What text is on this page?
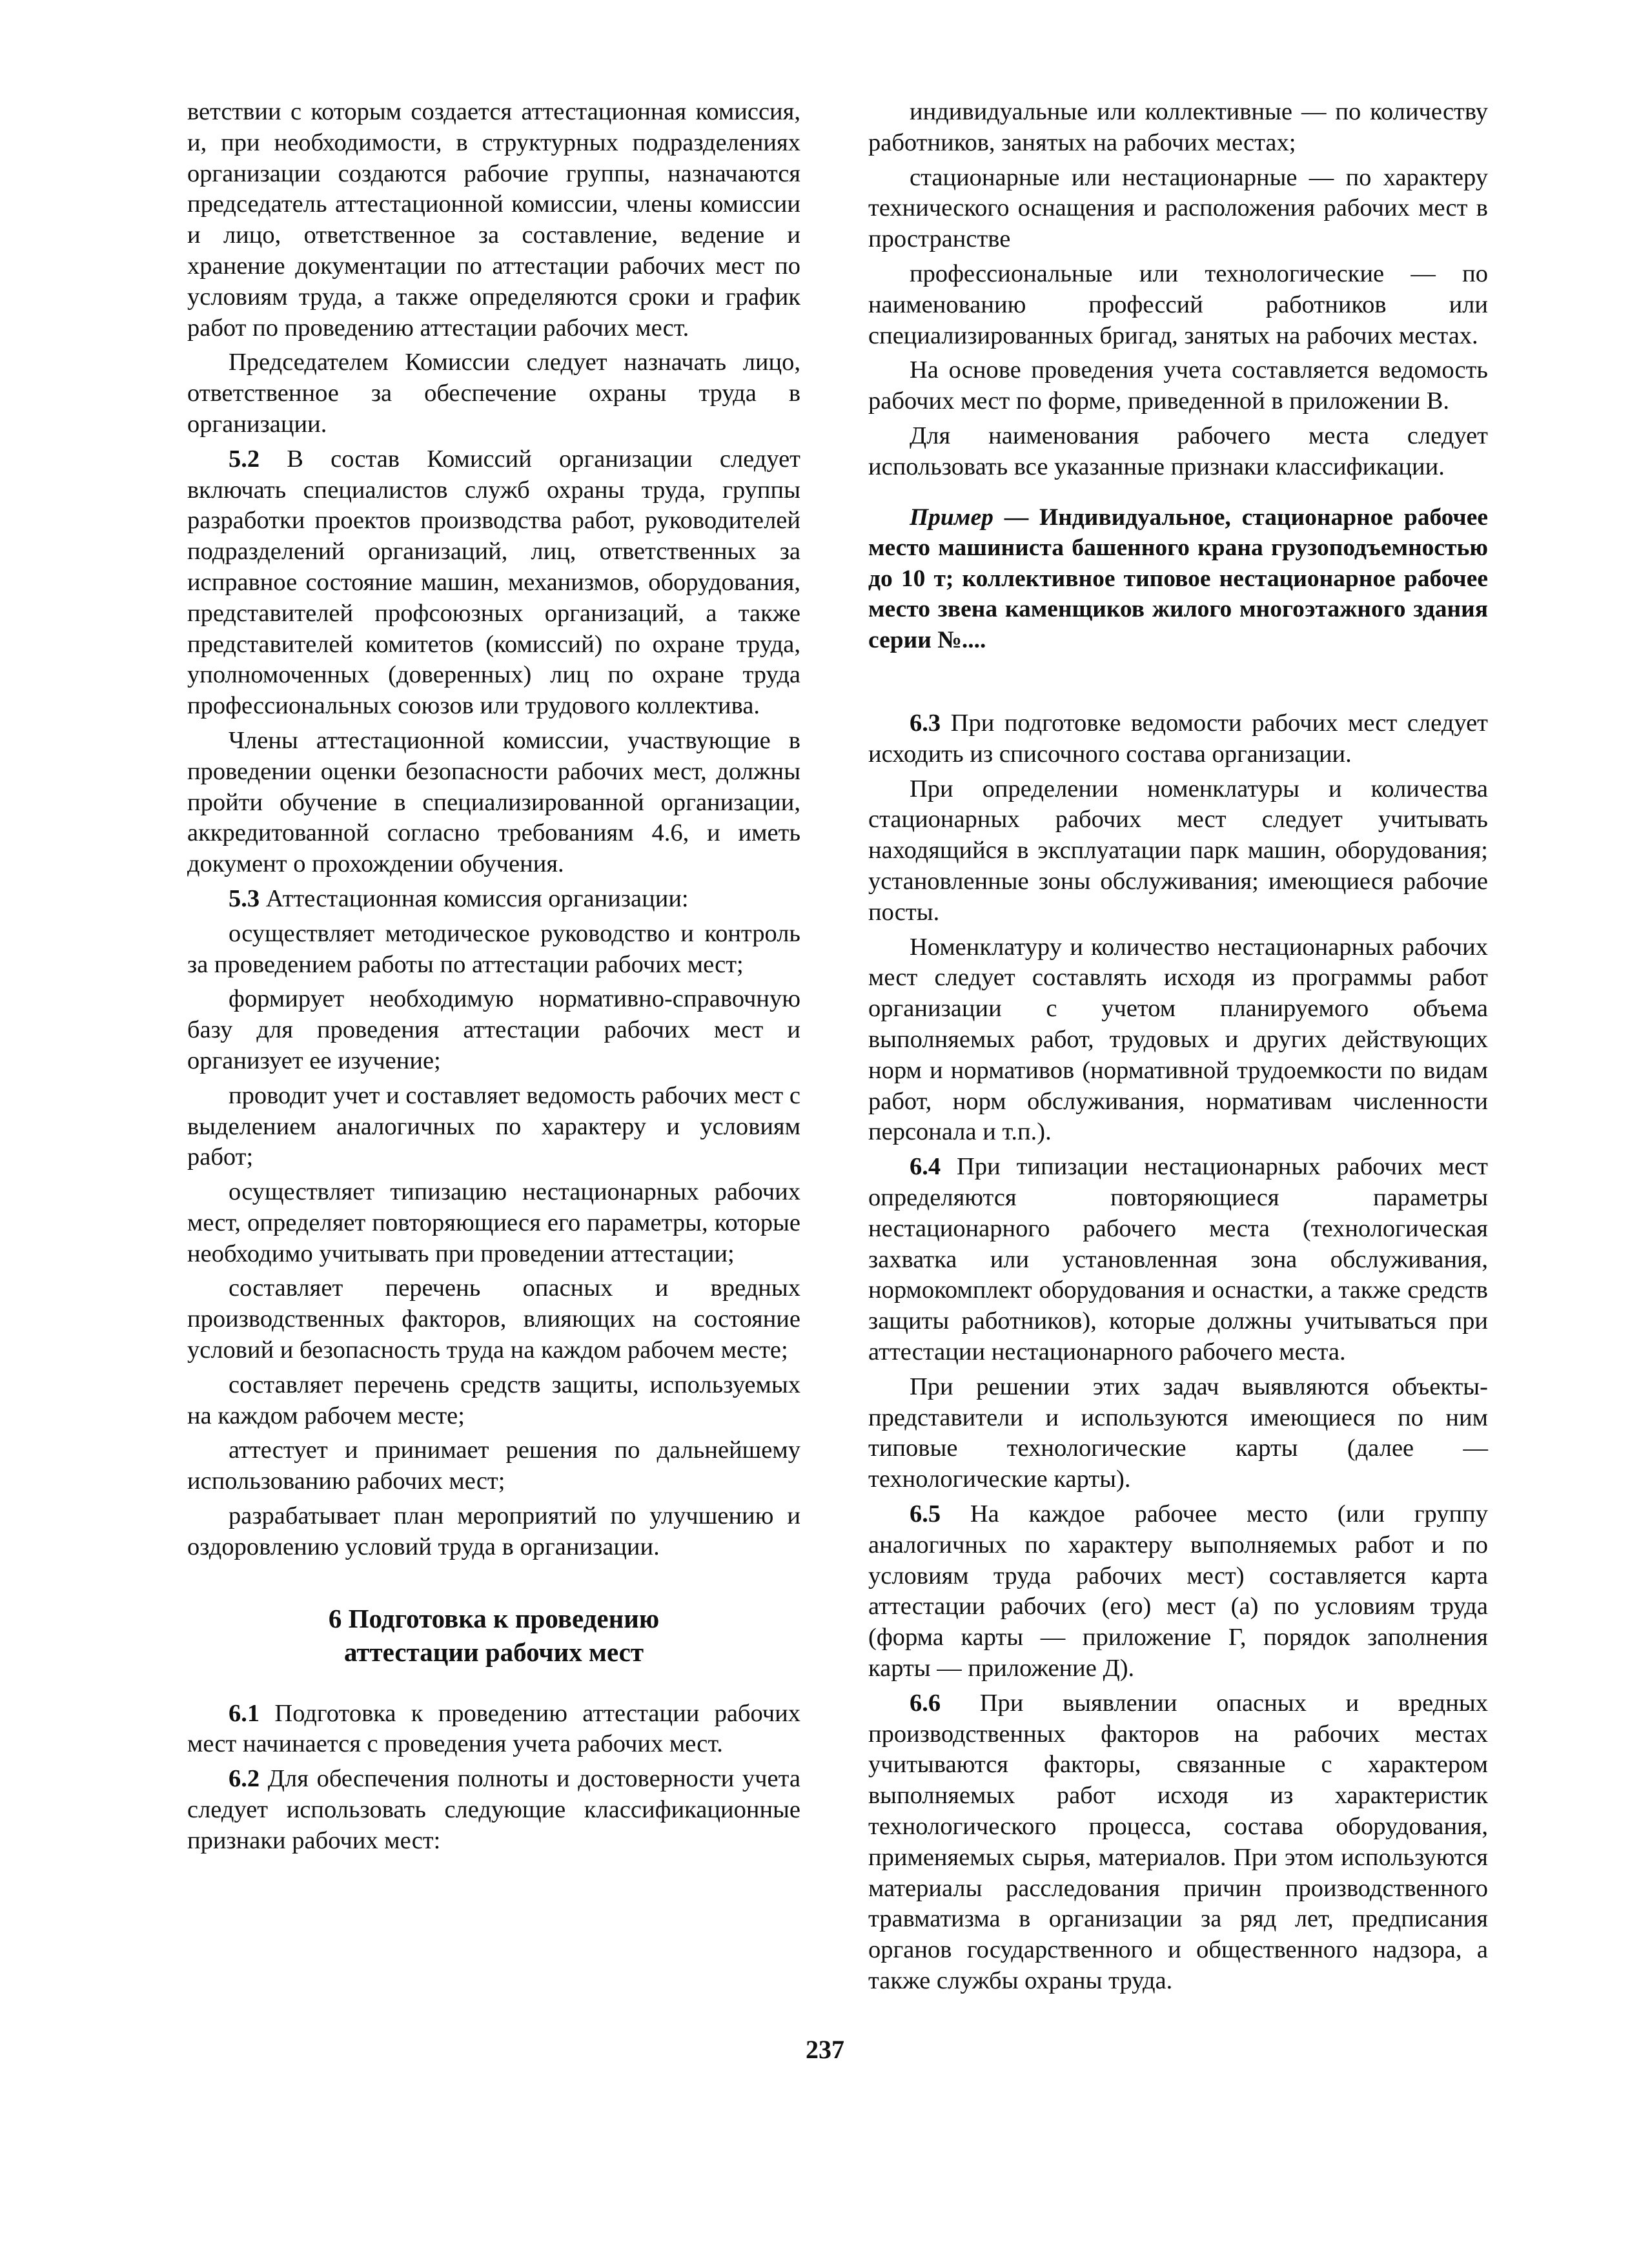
ветствии с которым создается аттестационная комиссия, и, при необходимости, в структурных подразделениях организации создаются рабочие группы, назначаются председатель аттестационной комиссии, члены комиссии и лицо, ответственное за составление, ведение и хранение документации по аттестации рабочих мест по условиям труда, а также определяются сроки и график работ по проведению аттестации рабочих мест.

Председателем Комиссии следует назначать лицо, ответственное за обеспечение охраны труда в организации.

5.2 В состав Комиссий организации следует включать специалистов служб охраны труда, группы разработки проектов производства работ, руководителей подразделений организаций, лиц, ответственных за исправное состояние машин, механизмов, оборудования, представителей профсоюзных организаций, а также представителей комитетов (комиссий) по охране труда, уполномоченных (доверенных) лиц по охране труда профессиональных союзов или трудового коллектива.

Члены аттестационной комиссии, участвующие в проведении оценки безопасности рабочих мест, должны пройти обучение в специализированной организации, аккредитованной согласно требованиям 4.6, и иметь документ о прохождении обучения.

5.3 Аттестационная комиссия организации:

осуществляет методическое руководство и контроль за проведением работы по аттестации рабочих мест;

формирует необходимую нормативно-справочную базу для проведения аттестации рабочих мест и организует ее изучение;

проводит учет и составляет ведомость рабочих мест с выделением аналогичных по характеру и условиям работ;

осуществляет типизацию нестационарных рабочих мест, определяет повторяющиеся его параметры, которые необходимо учитывать при проведении аттестации;

составляет перечень опасных и вредных производственных факторов, влияющих на состояние условий и безопасность труда на каждом рабочем месте;

составляет перечень средств защиты, используемых на каждом рабочем месте;

аттестует и принимает решения по дальнейшему использованию рабочих мест;

разрабатывает план мероприятий по улучшению и оздоровлению условий труда в организации.

6 Подготовка к проведению
аттестации рабочих мест

6.1 Подготовка к проведению аттестации рабочих мест начинается с проведения учета рабочих мест.

6.2 Для обеспечения полноты и достоверности учета следует использовать следующие классификационные признаки рабочих мест:

индивидуальные или коллективные — по количеству работников, занятых на рабочих местах;

стационарные или нестационарные — по характеру технического оснащения и расположения рабочих мест в пространстве

профессиональные или технологические — по наименованию профессий работников или специализированных бригад, занятых на рабочих местах.

На основе проведения учета составляется ведомость рабочих мест по форме, приведенной в приложении В.

Для наименования рабочего места следует использовать все указанные признаки классификации.

Пример — Индивидуальное, стационарное рабочее место машиниста башенного крана грузоподъемностью до 10 т; коллективное типовое нестационарное рабочее место звена каменщиков жилого многоэтажного здания серии №....

6.3 При подготовке ведомости рабочих мест следует исходить из списочного состава организации.

При определении номенклатуры и количества стационарных рабочих мест следует учитывать находящийся в эксплуатации парк машин, оборудования; установленные зоны обслуживания; имеющиеся рабочие посты.

Номенклатуру и количество нестационарных рабочих мест следует составлять исходя из программы работ организации с учетом планируемого объема выполняемых работ, трудовых и других действующих норм и нормативов (нормативной трудоемкости по видам работ, норм обслуживания, нормативам численности персонала и т.п.).

6.4 При типизации нестационарных рабочих мест определяются повторяющиеся параметры нестационарного рабочего места (технологическая захватка или установленная зона обслуживания, нормокомплект оборудования и оснастки, а также средств защиты работников), которые должны учитываться при аттестации нестационарного рабочего места.

При решении этих задач выявляются объекты-представители и используются имеющиеся по ним типовые технологические карты (далее — технологические карты).

6.5 На каждое рабочее место (или группу аналогичных по характеру выполняемых работ и по условиям труда рабочих мест) составляется карта аттестации рабочих (его) мест (а) по условиям труда (форма карты — приложение Г, порядок заполнения карты — приложение Д).

6.6 При выявлении опасных и вредных производственных факторов на рабочих местах учитываются факторы, связанные с характером выполняемых работ исходя из характеристик технологического процесса, состава оборудования, применяемых сырья, материалов. При этом используются материалы расследования причин производственного травматизма в организации за ряд лет, предписания органов государственного и общественного надзора, а также службы охраны труда.

237
